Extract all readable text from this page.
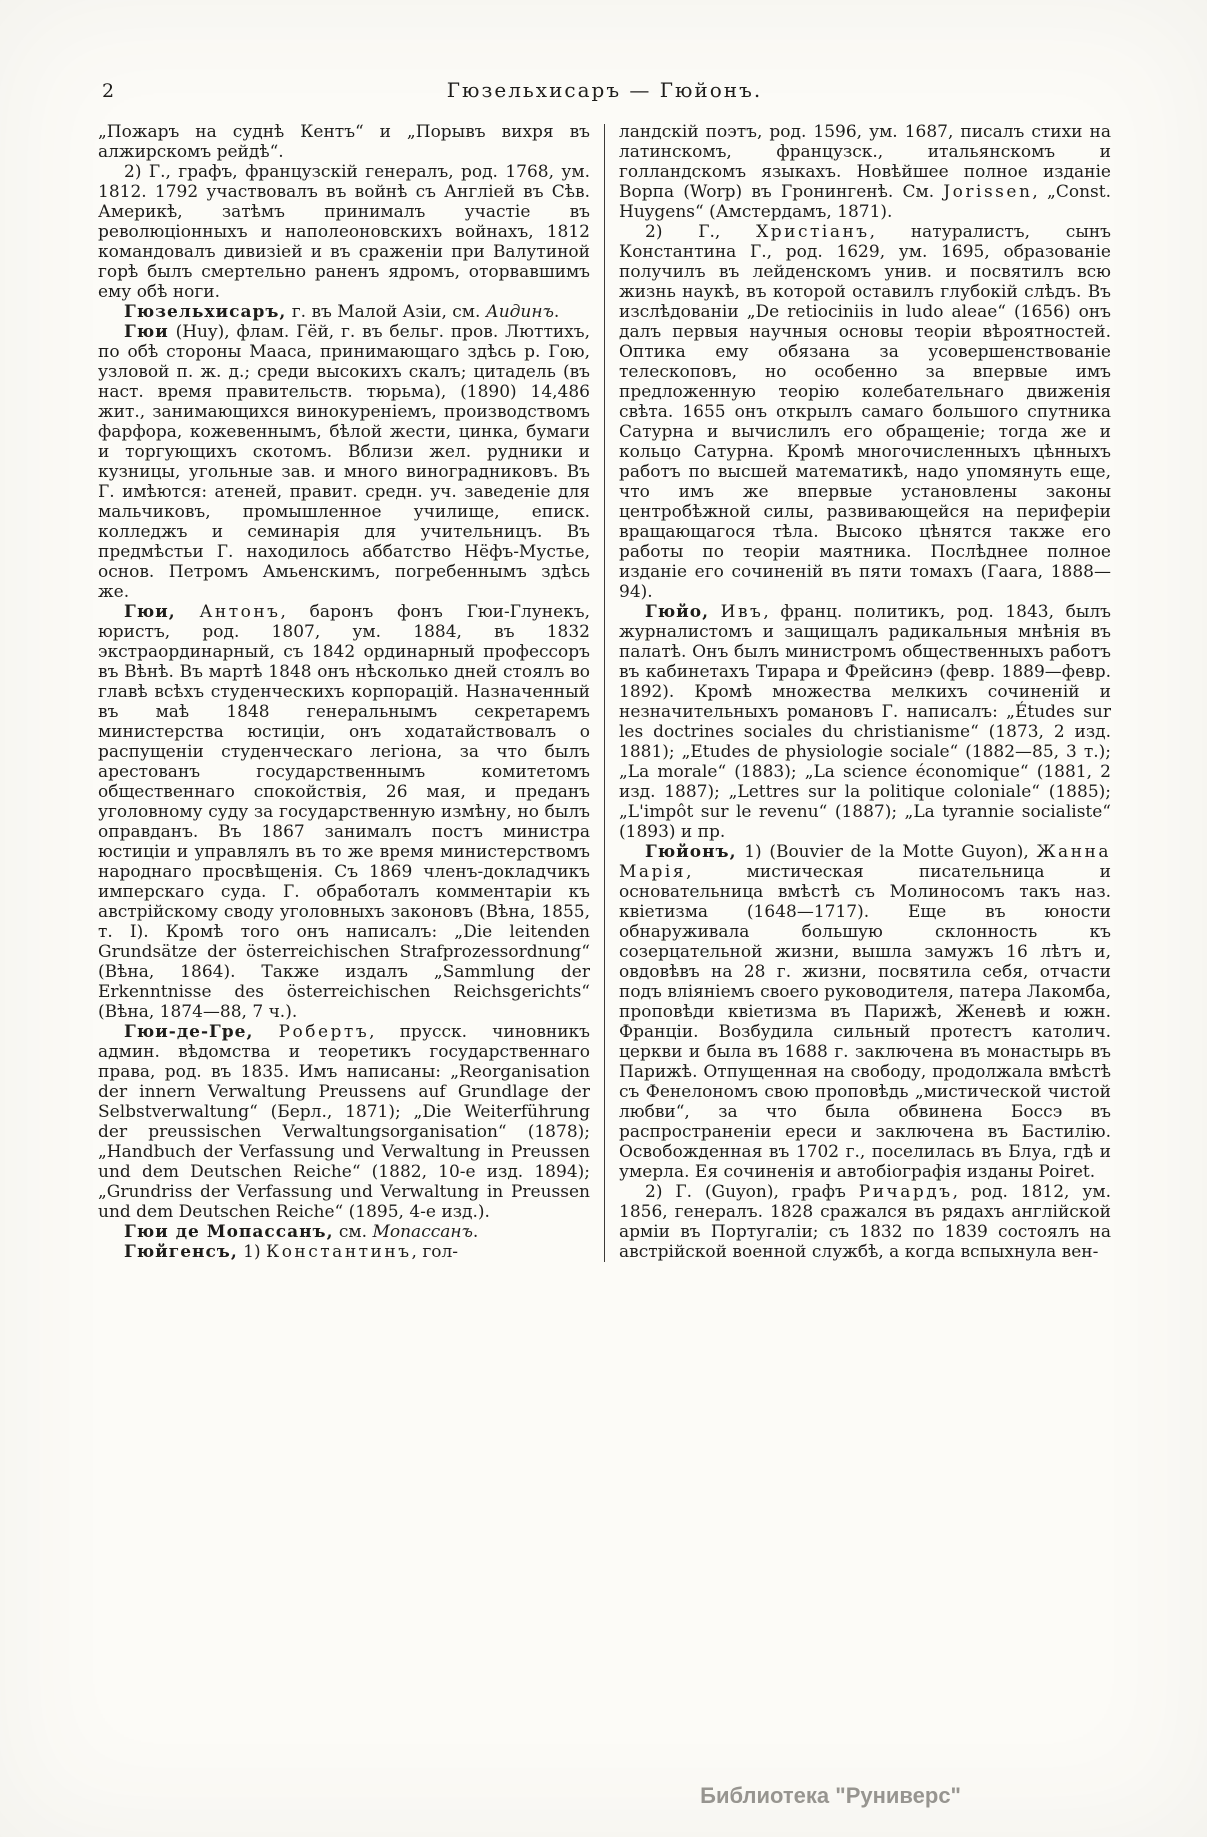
2	Гюзельхисаръ — Гюйонъ.

„Пожаръ на суднѣ Кентъ“ и „Порывъ вихря въ алжирскомъ рейдѣ“.

2) Г., графъ, французскій генералъ, род. 1768, ум. 1812. 1792 участвовалъ въ войнѣ съ Англіей въ Сѣв. Америкѣ, затѣмъ принималъ участіе въ революціонныхъ и наполеоновскихъ войнахъ, 1812 командовалъ дивизіей и въ сраженіи при Валутиной горѣ былъ смертельно раненъ ядромъ, оторвавшимъ ему обѣ ноги.

Гюзельхисаръ, г. въ Малой Азіи, см. Аидинъ.

Гюи (Huy), флам. Гёй, г. въ бельг. пров. Люттихъ, по обѣ стороны Мааса, принимающаго здѣсь р. Гою, узловой п. ж. д.; среди высокихъ скалъ; цитадель (въ наст. время правительств. тюрьма), (1890) 14,486 жит., занимающихся винокуреніемъ, производствомъ фарфора, кожевеннымъ, бѣлой жести, цинка, бумаги и торгующихъ скотомъ. Вблизи жел. рудники и кузницы, угольные зав. и много виноградниковъ. Въ Г. имѣются: атеней, правит. средн. уч. заведеніе для мальчиковъ, промышленное училище, еписк. колледжъ и семинарія для учительницъ. Въ предмѣстьи Г. находилось аббатство Нёфъ-Мустье, основ. Петромъ Амьенскимъ, погребеннымъ здѣсь же.

Гюи, Антонъ, баронъ фонъ Гюи-Глунекъ, юристъ, род. 1807, ум. 1884, въ 1832 экстраординарный, съ 1842 ординарный профессоръ въ Вѣнѣ. Въ мартѣ 1848 онъ нѣсколько дней стоялъ во главѣ всѣхъ студенческихъ корпорацій. Назначенный въ маѣ 1848 генеральнымъ секретаремъ министерства юстиціи, онъ ходатайствовалъ о распущеніи студенческаго легіона, за что былъ арестованъ государственнымъ комитетомъ общественнаго спокойствія, 26 мая, и преданъ уголовному суду за государственную измѣну, но былъ оправданъ. Въ 1867 занималъ постъ министра юстиціи и управлялъ въ то же время министерствомъ народнаго просвѣщенія. Съ 1869 членъ-докладчикъ имперскаго суда. Г. обработалъ комментаріи къ австрійскому своду уголовныхъ законовъ (Вѣна, 1855, т. I). Кромѣ того онъ написалъ: „Die leitenden Grundsätze der österreichischen Strafprozessordnung“ (Вѣна, 1864). Также издалъ „Sammlung der Erkenntnisse des österreichischen Reichsgerichts“ (Вѣна, 1874—88, 7 ч.).

Гюи-де-Гре, Робертъ, прусск. чиновникъ админ. вѣдомства и теоретикъ государственнаго права, род. въ 1835. Имъ написаны: „Reorganisation der innern Verwaltung Preussens auf Grundlage der Selbstverwaltung“ (Берл., 1871); „Die Weiterführung der preussischen Verwaltungsorganisation“ (1878); „Handbuch der Verfassung und Verwaltung in Preussen und dem Deutschen Reiche“ (1882, 10-е изд. 1894); „Grundriss der Verfassung und Verwaltung in Preussen und dem Deutschen Reiche“ (1895, 4-е изд.).

Гюи де Мопассанъ, см. Мопассанъ.

Гюйгенсъ, 1) Константинъ, гол-

ландскій поэтъ, род. 1596, ум. 1687, писалъ стихи на латинскомъ, французск., итальянскомъ и голландскомъ языкахъ. Новѣйшее полное изданіе Ворпа (Worp) въ Гронингенѣ. См. Jorissen, „Const. Huygens“ (Амстердамъ, 1871).

2) Г., Христіанъ, натуралистъ, сынъ Константина Г., род. 1629, ум. 1695, образованіе получилъ въ лейденскомъ унив. и посвятилъ всю жизнь наукѣ, въ которой оставилъ глубокій слѣдъ. Въ изслѣдованіи „De retiociniis in ludo aleae“ (1656) онъ далъ первыя научныя основы теоріи вѣроятностей. Оптика ему обязана за усовершенствованіе телескоповъ, но особенно за впервые имъ предложенную теорію колебательнаго движенія свѣта. 1655 онъ открылъ самаго большого спутника Сатурна и вычислилъ его обращеніе; тогда же и кольцо Сатурна. Кромѣ многочисленныхъ цѣнныхъ работъ по высшей математикѣ, надо упомянуть еще, что имъ же впервые установлены законы центробѣжной силы, развивающейся на периферіи вращающагося тѣла. Высоко цѣнятся также его работы по теоріи маятника. Послѣднее полное изданіе его сочиненій въ пяти томахъ (Гаага, 1888—94).

Гюйо, Ивъ, франц. политикъ, род. 1843, былъ журналистомъ и защищалъ радикальныя мнѣнія въ палатѣ. Онъ былъ министромъ общественныхъ работъ въ кабинетахъ Тирара и Фрейсинэ (февр. 1889—февр. 1892). Кромѣ множества мелкихъ сочиненій и незначительныхъ романовъ Г. написалъ: „Études sur les doctrines sociales du christianisme“ (1873, 2 изд. 1881); „Etudes de physiologie sociale“ (1882—85, 3 т.); „La morale“ (1883); „La science économique“ (1881, 2 изд. 1887); „Lettres sur la politique coloniale“ (1885); „L'impôt sur le revenu“ (1887); „La tyrannie socialiste“ (1893) и пр.

Гюйонъ, 1) (Bouvier de la Motte Guyon), Жанна Марія, мистическая писательница и основательница вмѣстѣ съ Молиносомъ такъ наз. квіетизма (1648—1717). Еще въ юности обнаруживала большую склонность къ созерцательной жизни, вышла замужъ 16 лѣтъ и, овдовѣвъ на 28 г. жизни, посвятила себя, отчасти подъ вліяніемъ своего руководителя, патера Лакомба, проповѣди квіетизма въ Парижѣ, Женевѣ и южн. Франціи. Возбудила сильный протестъ католич. церкви и была въ 1688 г. заключена въ монастырь въ Парижѣ. Отпущенная на свободу, продолжала вмѣстѣ съ Фенелономъ свою проповѣдь „мистической чистой любви“, за что была обвинена Боссэ въ распространеніи ереси и заключена въ Бастилію. Освобожденная въ 1702 г., поселилась въ Блуа, гдѣ и умерла. Ея сочиненія и автобіографія изданы Poiret.

2) Г. (Guyon), графъ Ричардъ, род. 1812, ум. 1856, генералъ. 1828 сражался въ рядахъ англійской арміи въ Португаліи; съ 1832 по 1839 состоялъ на австрійской военной службѣ, а когда вспыхнула вен-

Библиотека "Руниверс"
